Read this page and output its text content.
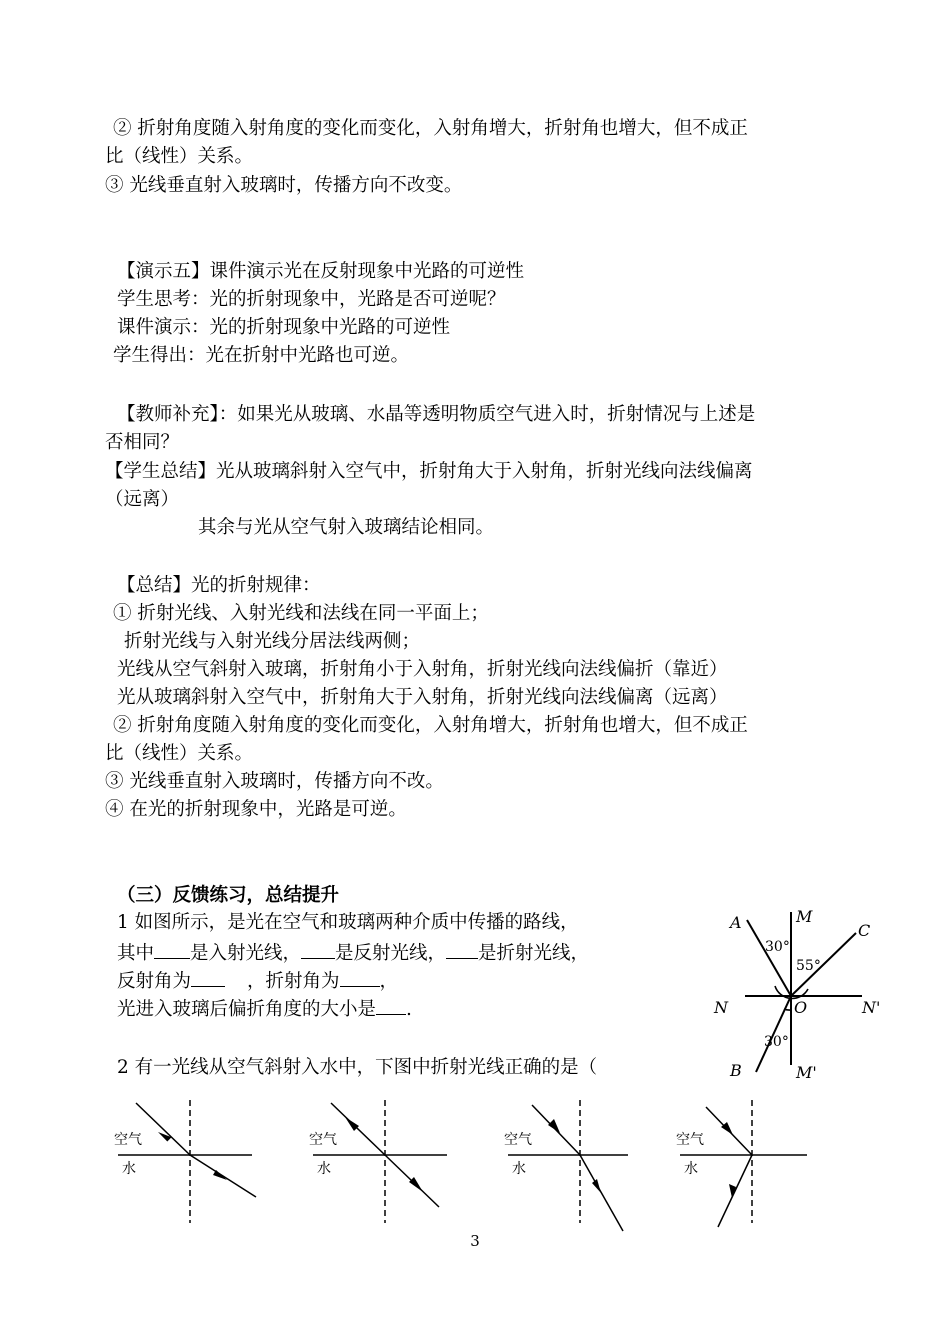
② 折射角度随入射角度的变化而变化，入射角增大，折射角也增大，但不成正
比（线性）关系。
③ 光线垂直射入玻璃时，传播方向不改变。
【演示五】课件演示光在反射现象中光路的可逆性
学生思考：光的折射现象中，光路是否可逆呢？
课件演示：光的折射现象中光路的可逆性
学生得出：光在折射中光路也可逆。
【教师补充】：如果光从玻璃、水晶等透明物质空气进入时，折射情况与上述是
否相同？
【学生总结】光从玻璃斜射入空气中，折射角大于入射角，折射光线向法线偏离
（远离）
其余与光从空气射入玻璃结论相同。
【总结】光的折射规律：
① 折射光线、入射光线和法线在同一平面上；
折射光线与入射光线分居法线两侧；
光线从空气斜射入玻璃，折射角小于入射角，折射光线向法线偏折（靠近）
光从玻璃斜射入空气中，折射角大于入射角，折射光线向法线偏离（远离）
② 折射角度随入射角度的变化而变化，入射角增大，折射角也增大，但不成正
比（线性）关系。
③ 光线垂直射入玻璃时，传播方向不改。
④ 在光的折射现象中，光路是可逆。
（三）反馈练习，总结提升
1 如图所示，是光在空气和玻璃两种介质中传播的路线，
其中 是入射光线， 是反射光线， 是折射光线，
反射角为	，折射角为 ，
光进入玻璃后偏折角度的大小是 .
2 有一光线从空气斜射入水中，下图中折射光线正确的是（
A	M
C
N	O	N'
B	M'
30°
55°
30°
空气
水
空气
水
空气
水
空气
水
3
